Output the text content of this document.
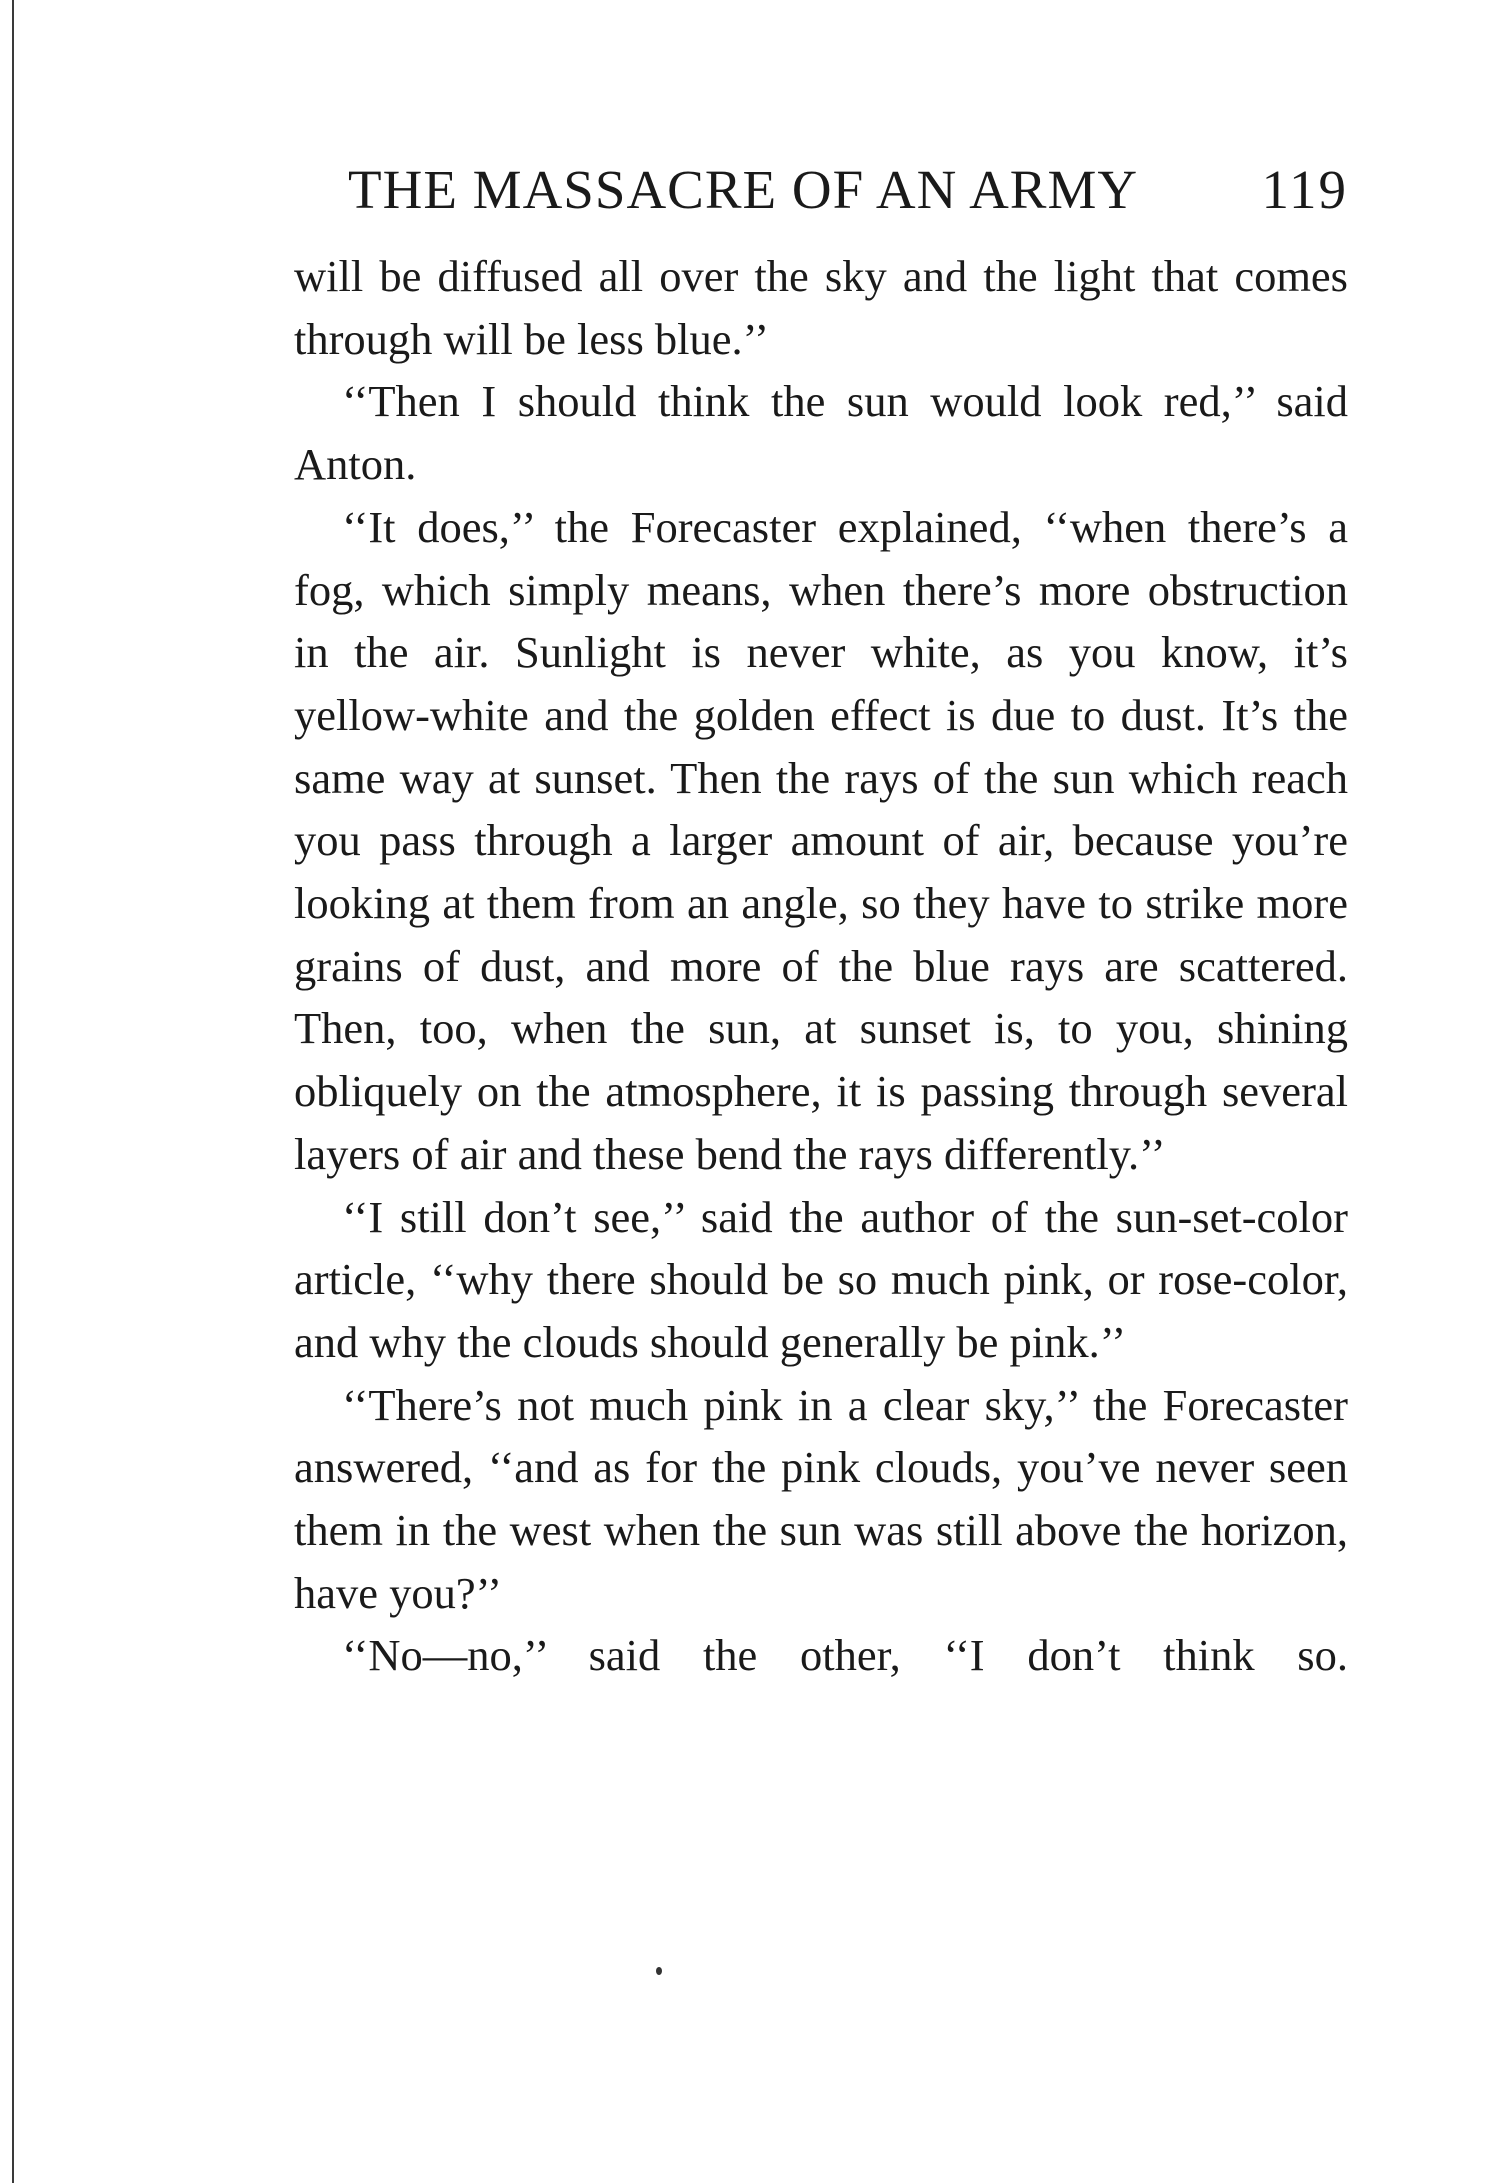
THE MASSACRE OF AN ARMY 119

will be diffused all over the sky and the light that comes through will be less blue.’’

‘‘Then I should think the sun would look red,’’ said Anton.

‘‘It does,’’ the Forecaster explained, ‘‘when there’s a fog, which simply means, when there’s more obstruction in the air. Sunlight is never white, as you know, it’s yellow-white and the golden effect is due to dust. It’s the same way at sunset. Then the rays of the sun which reach you pass through a larger amount of air, because you’re looking at them from an angle, so they have to strike more grains of dust, and more of the blue rays are scattered. Then, too, when the sun, at sunset is, to you, shining obliquely on the atmosphere, it is passing through several layers of air and these bend the rays differently.’’

‘‘I still don’t see,’’ said the author of the sun-set-color article, ‘‘why there should be so much pink, or rose-color, and why the clouds should generally be pink.’’

‘‘There’s not much pink in a clear sky,’’ the Forecaster answered, ‘‘and as for the pink clouds, you’ve never seen them in the west when the sun was still above the horizon, have you?’’

‘‘No—no,’’ said the other, ‘‘I don’t think so.
